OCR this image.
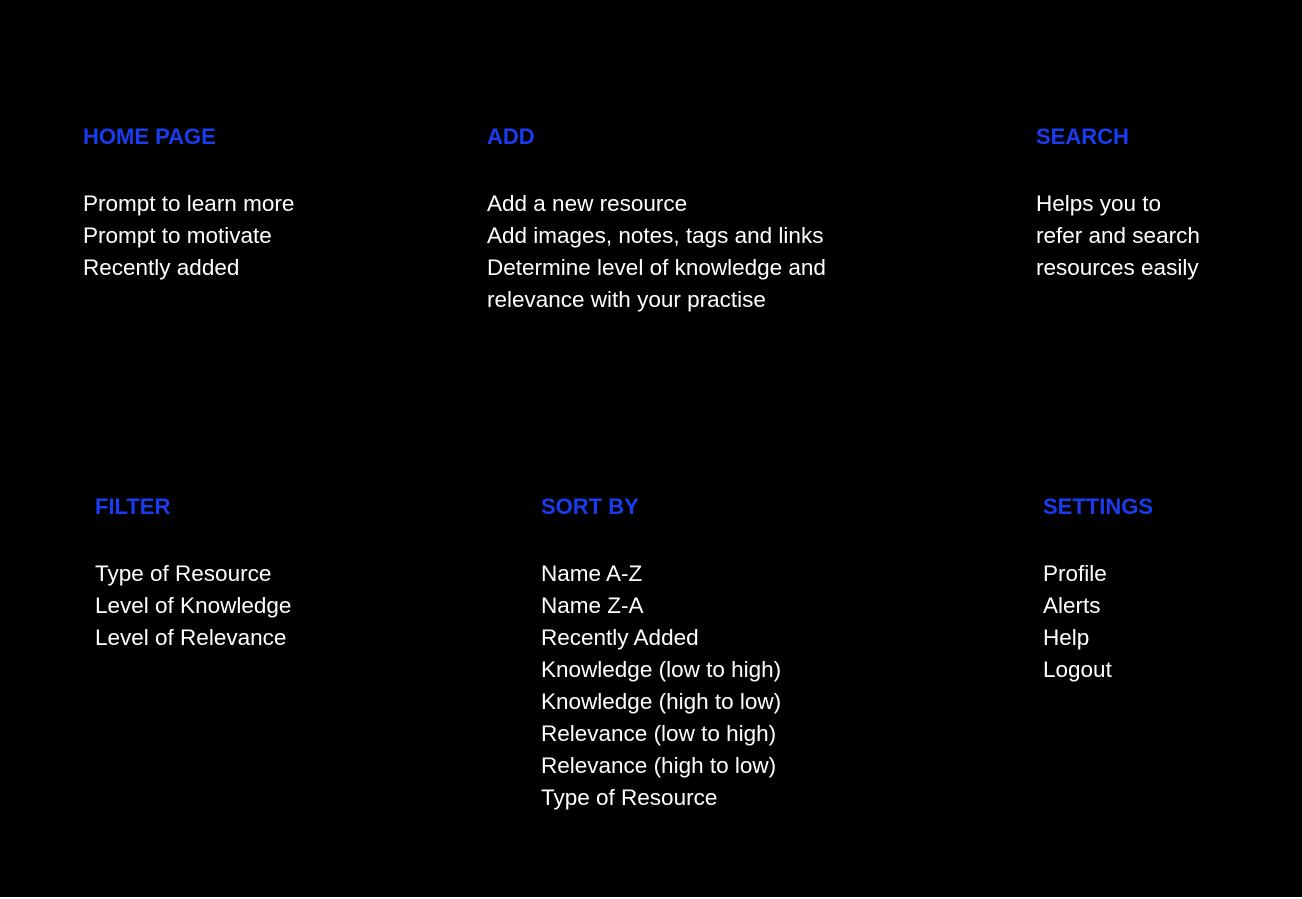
HOME PAGE
Prompt to learn more
Prompt to motivate
Recently added
ADD
Add a new resource
Add images, notes, tags and links
Determine level of knowledge and
relevance with your practise
SEARCH
Helps you to
refer and search
resources easily
FILTER
Type of Resource
Level of Knowledge
Level of Relevance
SORT BY
Name A-Z
Name Z-A
Recently Added
Knowledge (low to high)
Knowledge (high to low)
Relevance (low to high)
Relevance (high to low)
Type of Resource
SETTINGS
Profile
Alerts
Help
Logout
